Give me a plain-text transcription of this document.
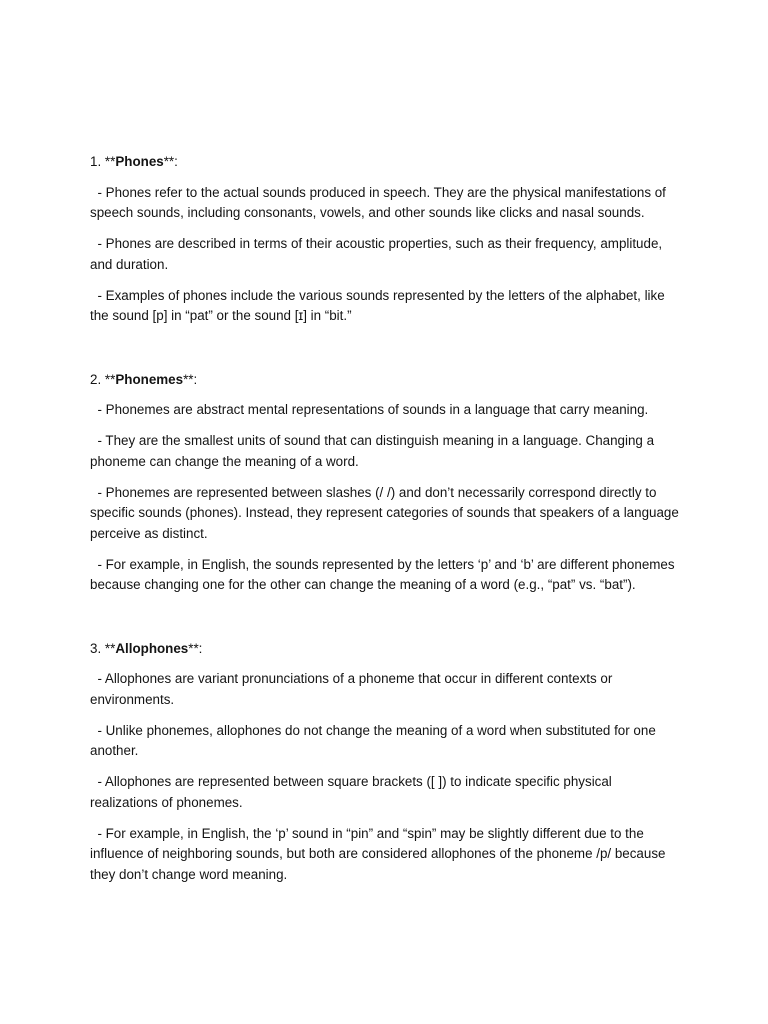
1. **Phones**:

- Phones refer to the actual sounds produced in speech. They are the physical manifestations of speech sounds, including consonants, vowels, and other sounds like clicks and nasal sounds.

- Phones are described in terms of their acoustic properties, such as their frequency, amplitude, and duration.

- Examples of phones include the various sounds represented by the letters of the alphabet, like the sound [p] in “pat” or the sound [ɪ] in “bit.”

2. **Phonemes**:

- Phonemes are abstract mental representations of sounds in a language that carry meaning.

- They are the smallest units of sound that can distinguish meaning in a language. Changing a phoneme can change the meaning of a word.

- Phonemes are represented between slashes (/ /) and don’t necessarily correspond directly to specific sounds (phones). Instead, they represent categories of sounds that speakers of a language perceive as distinct.

- For example, in English, the sounds represented by the letters ‘p’ and ‘b’ are different phonemes because changing one for the other can change the meaning of a word (e.g., “pat” vs. “bat”).

3. **Allophones**:

- Allophones are variant pronunciations of a phoneme that occur in different contexts or environments.

- Unlike phonemes, allophones do not change the meaning of a word when substituted for one another.

- Allophones are represented between square brackets ([ ]) to indicate specific physical realizations of phonemes.

- For example, in English, the ‘p’ sound in “pin” and “spin” may be slightly different due to the influence of neighboring sounds, but both are considered allophones of the phoneme /p/ because they don’t change word meaning.
